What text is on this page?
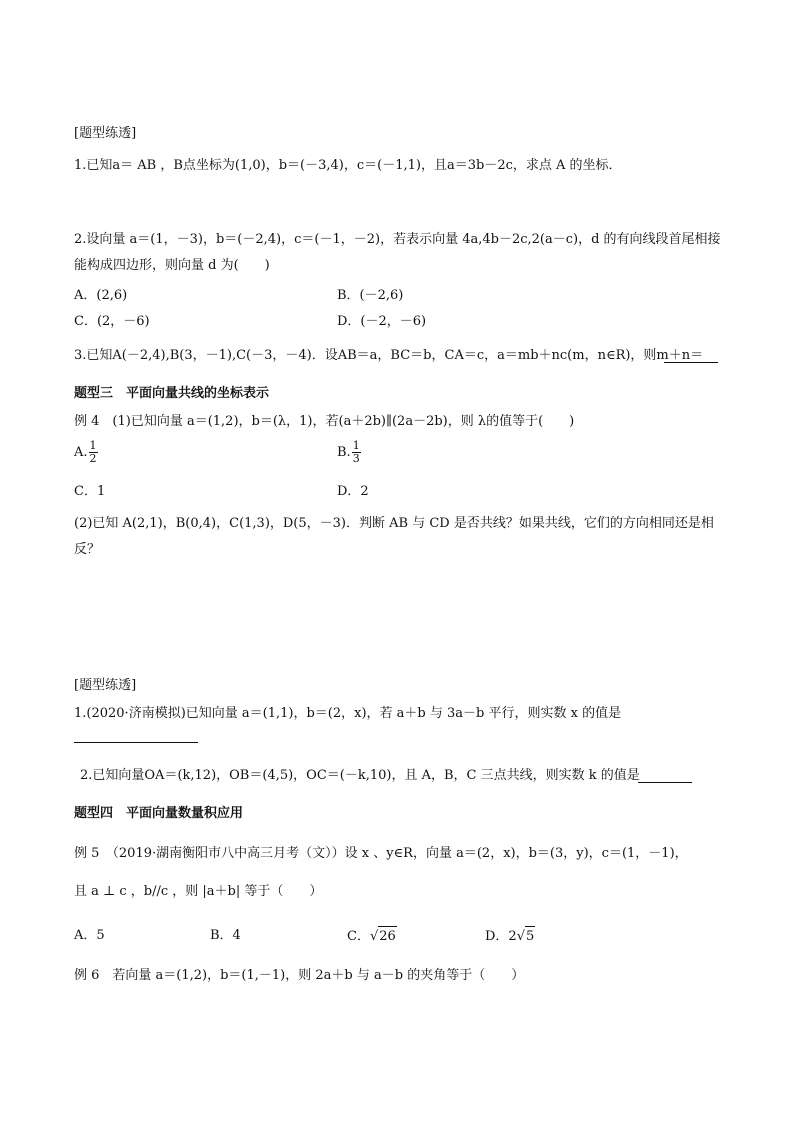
[题型练透]
1.已知a＝ AB ，B点坐标为(1,0)，b＝(－3,4)，c＝(－1,1)，且a＝3b－2c，求点 A 的坐标．
2.设向量 a＝(1，－3)，b＝(－2,4)，c＝(－1，－2)，若表示向量 4a,4b－2c,2(a－c)，d 的有向线段首尾相接
能构成四边形，则向量 d 为(　　)
A．(2,6)	B．(－2,6)
C．(2，－6)	D．(－2，－6)
3.已知A(－2,4),B(3，－1),C(－3，－4)．设AB＝a，BC＝b，CA＝c，a＝mb＋nc(m，n∈R)，则m＋n＝
题型三　平面向量共线的坐标表示
例 4　(1)已知向量 a＝(1,2)，b＝(λ，1)，若(a＋2b)∥(2a－2b)，则 λ的值等于(　　)
A. $\frac{1}{2}$	B. $\frac{1}{3}$
C．1	D．2
(2)已知 A(2,1)，B(0,4)，C(1,3)，D(5，－3)．判断 AB 与 CD 是否共线？如果共线，它们的方向相同还是相
反？
[题型练透]
1.(2020·济南模拟)已知向量 a＝(1,1)，b＝(2，x)，若 a＋b 与 3a－b 平行，则实数 x 的值是
2.已知向量OA＝(k,12)，OB＝(4,5)，OC＝(－k,10)，且 A，B，C 三点共线，则实数 k 的值是
题型四　平面向量数量积应用
例 5　（2019·湖南衡阳市八中高三月考（文））设 x 、y∈R，向量 a＝(2，x)，b＝(3，y)，c＝(1，－1)，
且 a ⊥ c ，b//c ，则 |a＋b| 等于（　　）
A．5	B．4	C．√26	D．2√5
例 6　若向量 a＝(1,2)，b＝(1,－1)，则 2a＋b 与 a－b 的夹角等于（　　）
